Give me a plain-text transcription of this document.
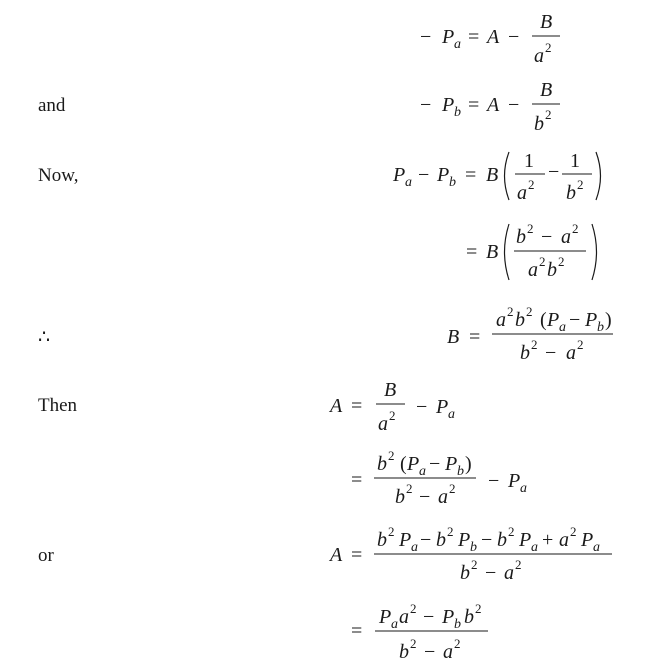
and
Now,
∴
Then
or
− P a = A −
B
a 2
− P b = A −
B
b 2
P a − P b = B
1
a 2
− 1
b 2
= B
b 2 − a 2
a 2 b 2
B =
a 2 b 2 ( P a − P b )
b 2 − a 2
A =
B
a 2 − P a
=
b 2 ( P a − P b )
b 2 − a 2 − P a
A =
b 2 P a − b 2 P b − b 2 P a + a 2 P a
b 2 − a 2
=
P a a 2 − P b b 2
b 2 − a 2
